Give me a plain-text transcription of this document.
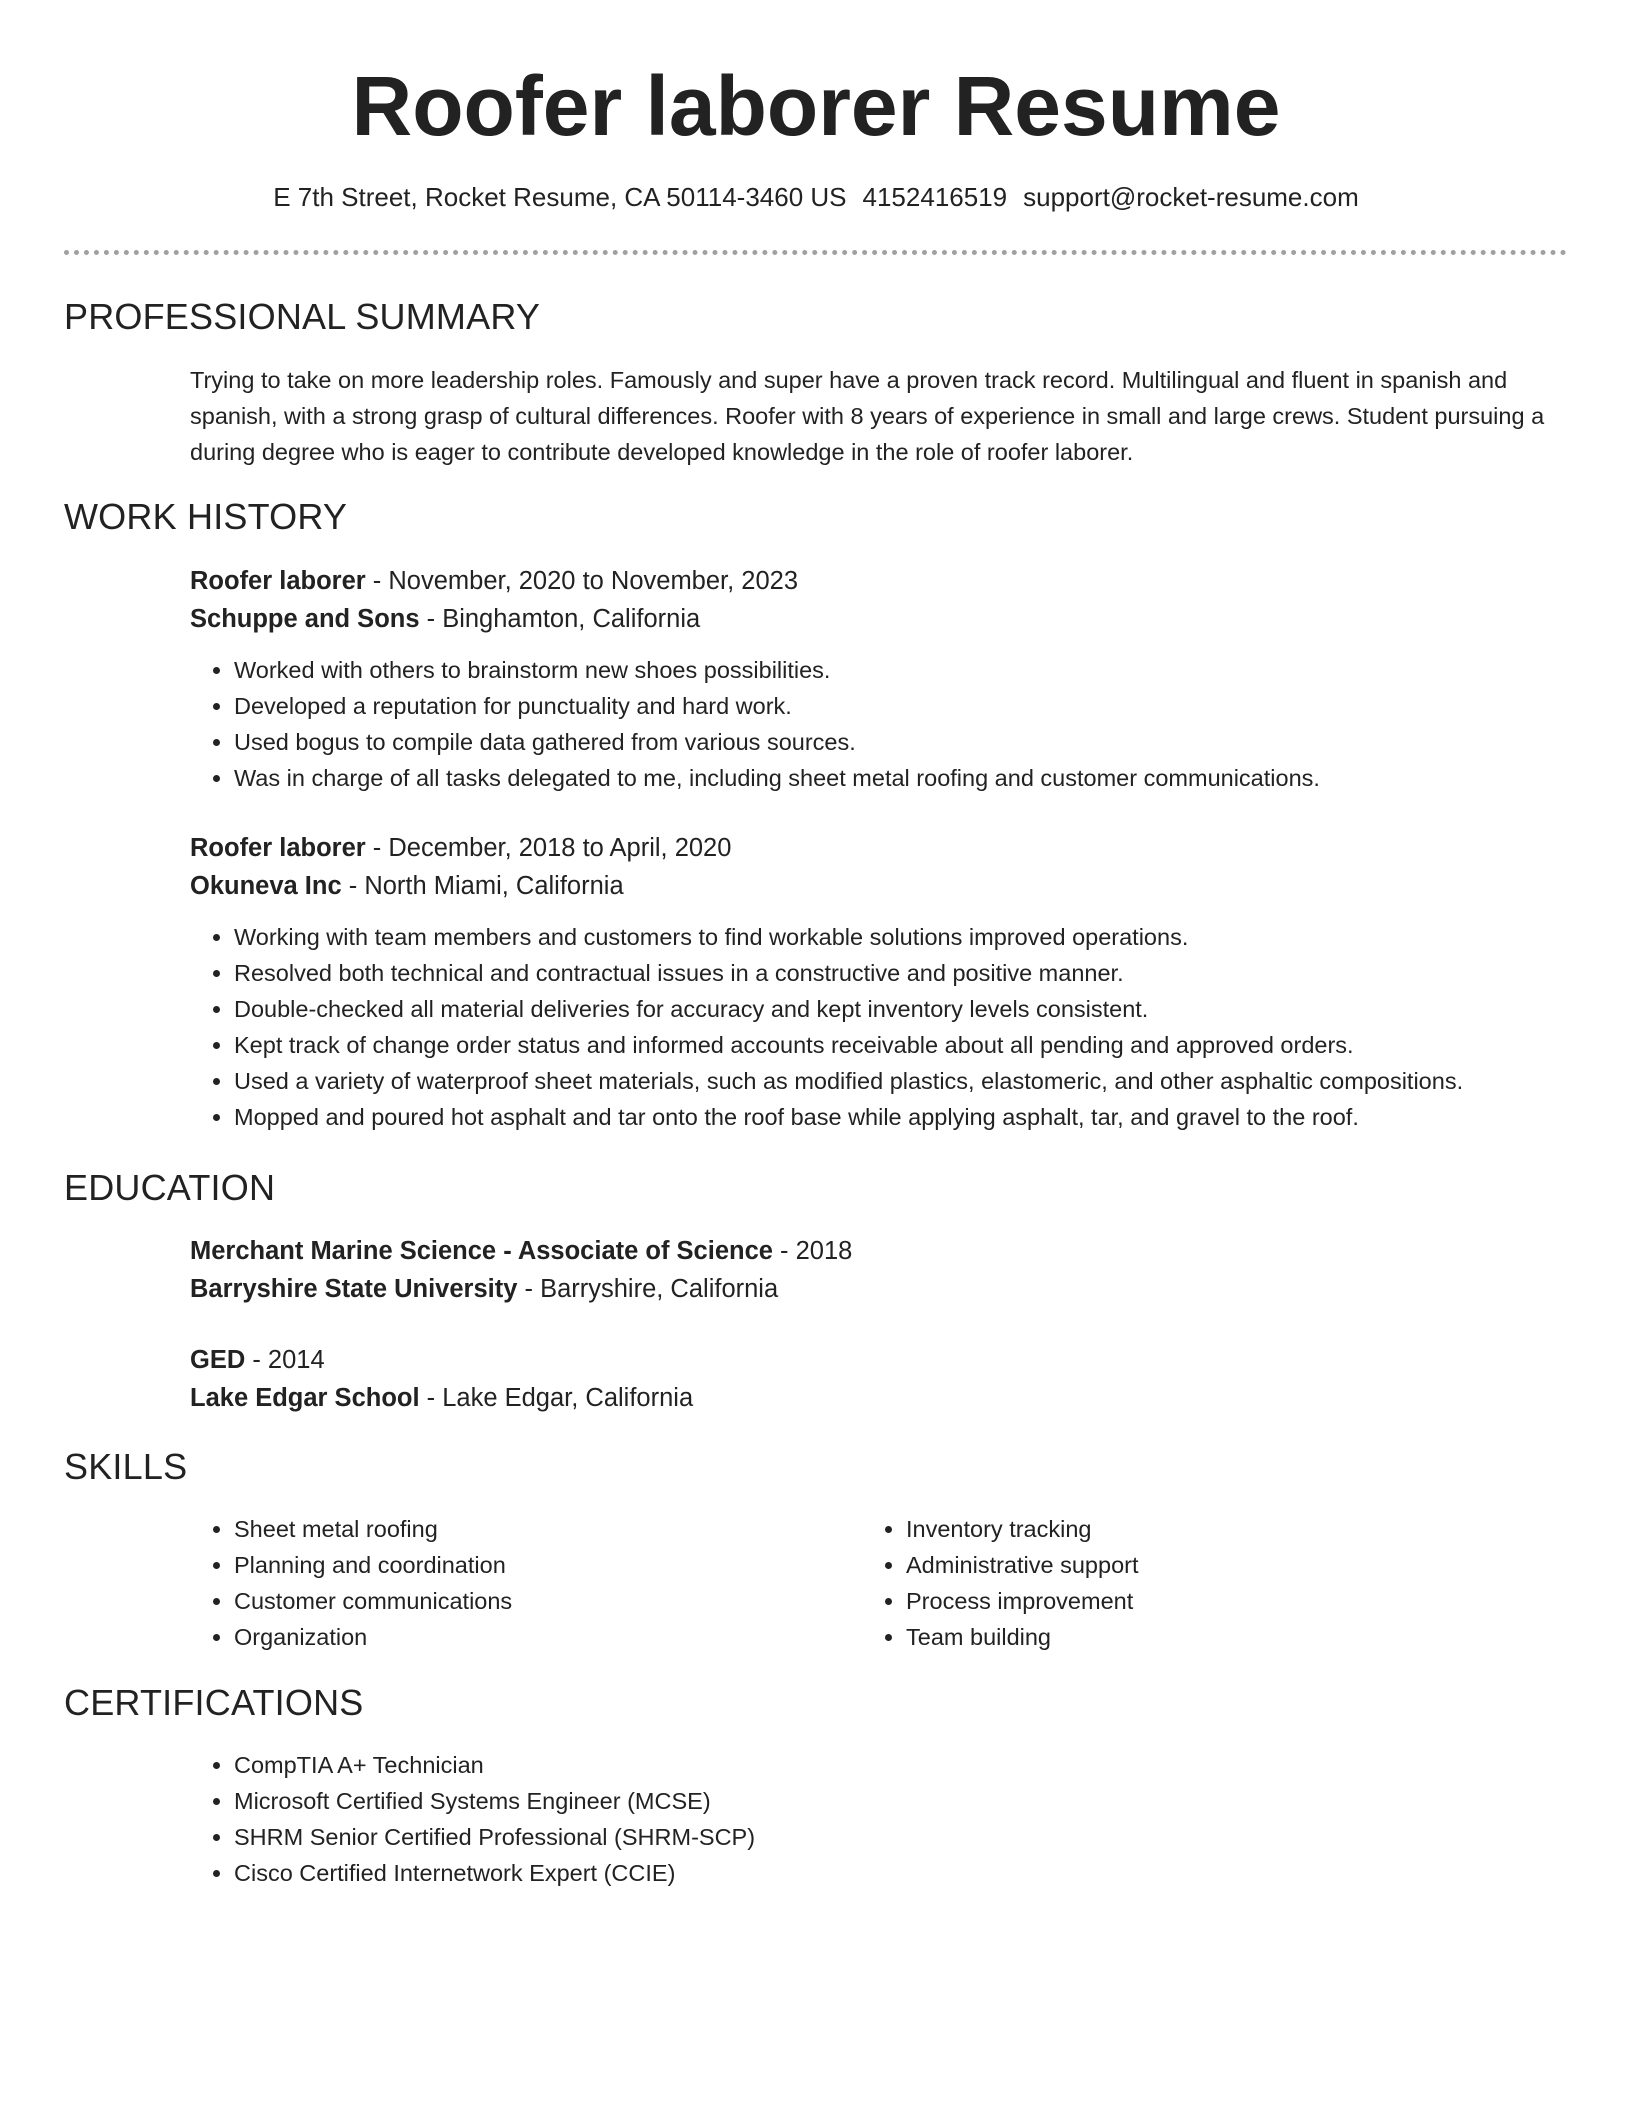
Roofer laborer Resume
E 7th Street, Rocket Resume, CA 50114-3460 US 4152416519 support@rocket-resume.com
PROFESSIONAL SUMMARY

Trying to take on more leadership roles. Famously and super have a proven track record. Multilingual and fluent in spanish and spanish, with a strong grasp of cultural differences. Roofer with 8 years of experience in small and large crews. Student pursuing a during degree who is eager to contribute developed knowledge in the role of roofer laborer.

WORK HISTORY

Roofer laborer - November, 2020 to November, 2023

Schuppe and Sons - Binghamton, California

• Worked with others to brainstorm new shoes possibilities.
• Developed a reputation for punctuality and hard work.
• Used bogus to compile data gathered from various sources.
• Was in charge of all tasks delegated to me, including sheet metal roofing and customer communications.

Roofer laborer - December, 2018 to April, 2020

Okuneva Inc - North Miami, California

• Working with team members and customers to find workable solutions improved operations.
• Resolved both technical and contractual issues in a constructive and positive manner.
• Double-checked all material deliveries for accuracy and kept inventory levels consistent.
• Kept track of change order status and informed accounts receivable about all pending and approved orders.
• Used a variety of waterproof sheet materials, such as modified plastics, elastomeric, and other asphaltic compositions.
• Mopped and poured hot asphalt and tar onto the roof base while applying asphalt, tar, and gravel to the roof.
EDUCATION

Merchant Marine Science - Associate of Science - 2018

Barryshire State University - Barryshire, California

GED - 2014

Lake Edgar School - Lake Edgar, California

SKILLS
• Sheet metal roofing
• Planning and coordination
• Customer communications
• Organization
• Inventory tracking
• Administrative support
• Process improvement
• Team building
CERTIFICATIONS
• CompTIA A+ Technician
• Microsoft Certified Systems Engineer (MCSE)
• SHRM Senior Certified Professional (SHRM-SCP)
• Cisco Certified Internetwork Expert (CCIE)
